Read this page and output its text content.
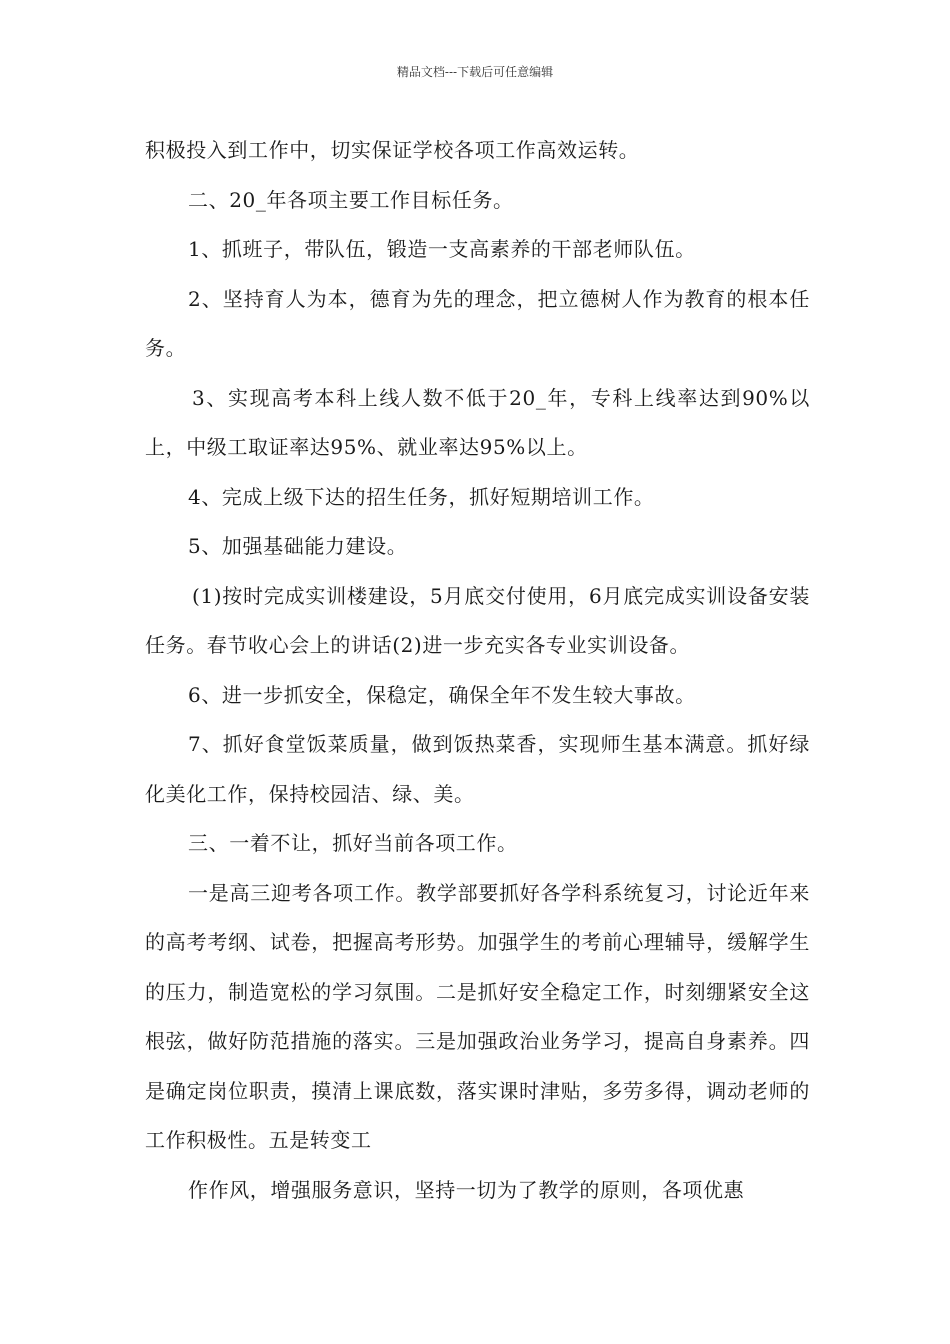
精品文档---下载后可任意编辑

积极投入到工作中，切实保证学校各项工作高效运转。

二、20_年各项主要工作目标任务。

1、抓班子，带队伍，锻造一支高素养的干部老师队伍。

2、坚持育人为本，德育为先的理念，把立德树人作为教育的根本任务。

3、实现高考本科上线人数不低于20_年，专科上线率达到90%以上，中级工取证率达95%、就业率达95%以上。

4、完成上级下达的招生任务，抓好短期培训工作。

5、加强基础能力建设。

(1)按时完成实训楼建设，5月底交付使用，6月底完成实训设备安装任务。春节收心会上的讲话(2)进一步充实各专业实训设备。

6、进一步抓安全，保稳定，确保全年不发生较大事故。

7、抓好食堂饭菜质量，做到饭热菜香，实现师生基本满意。抓好绿化美化工作，保持校园洁、绿、美。

三、一着不让，抓好当前各项工作。

一是高三迎考各项工作。教学部要抓好各学科系统复习，讨论近年来的高考考纲、试卷，把握高考形势。加强学生的考前心理辅导，缓解学生的压力，制造宽松的学习氛围。二是抓好安全稳定工作，时刻绷紧安全这根弦，做好防范措施的落实。三是加强政治业务学习，提高自身素养。四是确定岗位职责，摸清上课底数，落实课时津贴，多劳多得，调动老师的工作积极性。五是转变工

作作风，增强服务意识，坚持一切为了教学的原则，各项优惠
